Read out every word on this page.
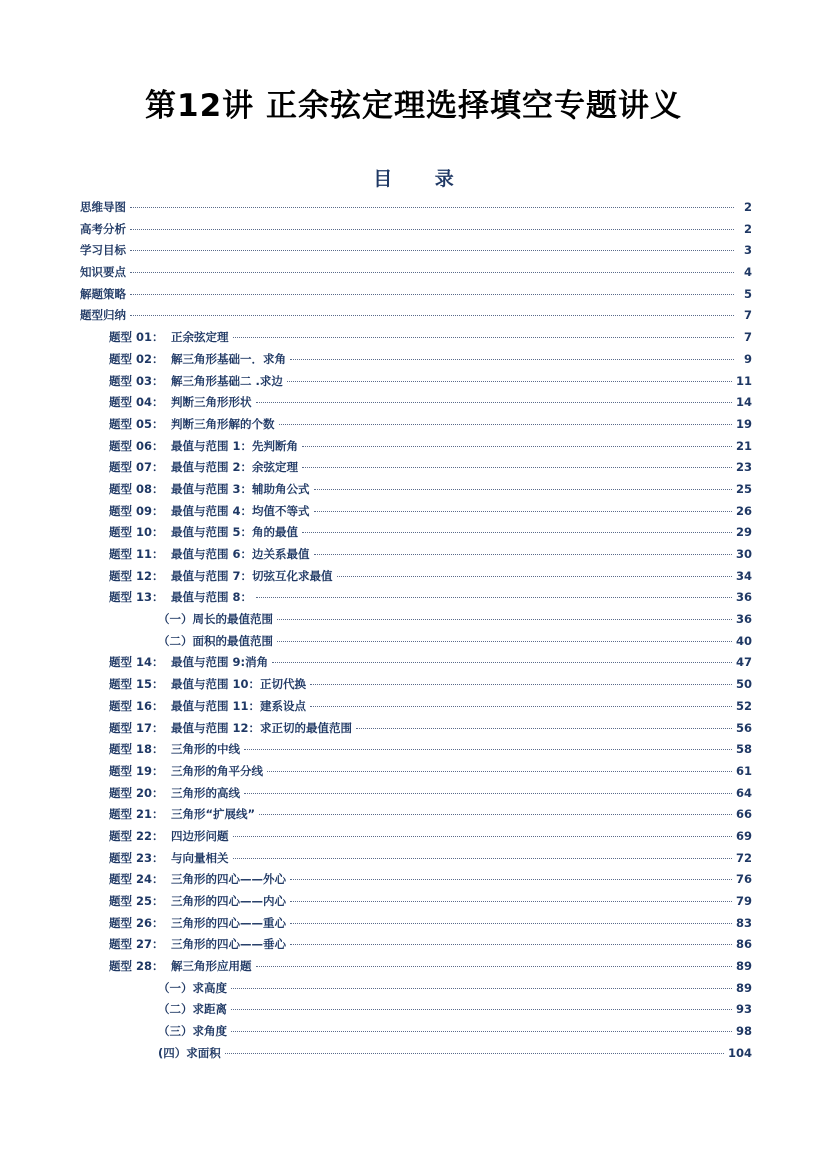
第12讲 正余弦定理选择填空专题讲义
目 录
思维导图	2
高考分析	2
学习目标	3
知识要点	4
解题策略	5
题型归纳	7
题型 01： 正余弦定理	7
题型 02： 解三角形基础一．求角	9
题型 03： 解三角形基础二 .求边	11
题型 04： 判断三角形形状	14
题型 05： 判断三角形解的个数	19
题型 06： 最值与范围 1：先判断角	21
题型 07： 最值与范围 2：余弦定理	23
题型 08： 最值与范围 3：辅助角公式	25
题型 09： 最值与范围 4：均值不等式	26
题型 10： 最值与范围 5：角的最值	29
题型 11： 最值与范围 6：边关系最值	30
题型 12： 最值与范围 7：切弦互化求最值	34
题型 13： 最值与范围 8：	36
（一）周长的最值范围	36
（二）面积的最值范围	40
题型 14： 最值与范围 9:消角	47
题型 15： 最值与范围 10：正切代换	50
题型 16： 最值与范围 11：建系设点	52
题型 17： 最值与范围 12：求正切的最值范围	56
题型 18： 三角形的中线	58
题型 19： 三角形的角平分线	61
题型 20： 三角形的高线	64
题型 21： 三角形“扩展线”	66
题型 22： 四边形问题	69
题型 23： 与向量相关	72
题型 24： 三角形的四心——外心	76
题型 25： 三角形的四心——内心	79
题型 26： 三角形的四心——重心	83
题型 27： 三角形的四心——垂心	86
题型 28： 解三角形应用题	89
（一）求高度	89
（二）求距离	93
（三）求角度	98
(四）求面积	104
